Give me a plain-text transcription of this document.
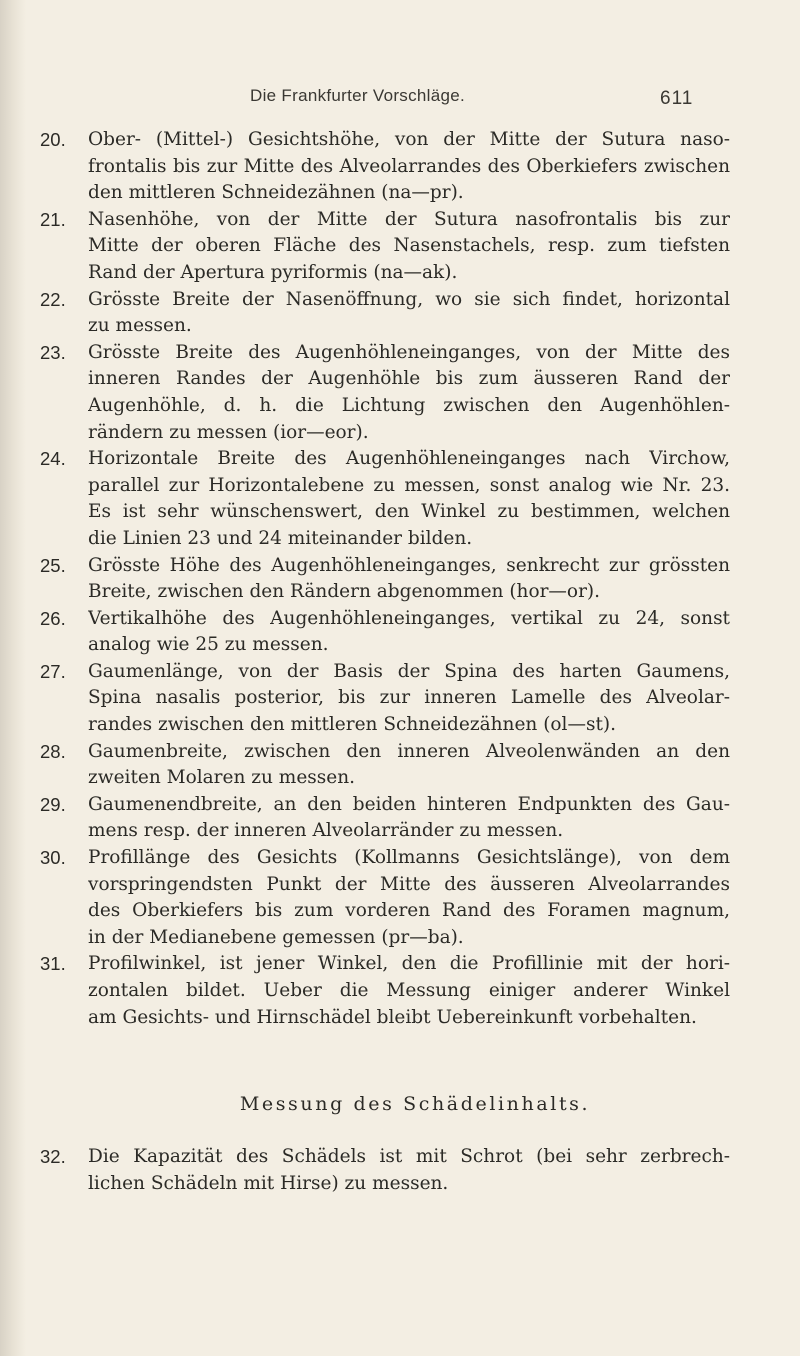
Die Frankfurter Vorschläge.	611
20.	Ober- (Mittel-) Gesichtshöhe, von der Mitte der Sutura naso-
frontalis bis zur Mitte des Alveolarrandes des Oberkiefers zwischen
den mittleren Schneidezähnen (na—pr).
21.	Nasenhöhe, von der Mitte der Sutura nasofrontalis bis zur
Mitte der oberen Fläche des Nasenstachels, resp. zum tiefsten
Rand der Apertura pyriformis (na—ak).
22.	Grösste Breite der Nasenöffnung, wo sie sich findet, horizontal
zu messen.
23.	Grösste Breite des Augenhöhleneinganges, von der Mitte des
inneren Randes der Augenhöhle bis zum äusseren Rand der
Augenhöhle, d. h. die Lichtung zwischen den Augenhöhlen-
rändern zu messen (ior—eor).
24.	Horizontale Breite des Augenhöhleneinganges nach Virchow,
parallel zur Horizontalebene zu messen, sonst analog wie Nr. 23.
Es ist sehr wünschenswert, den Winkel zu bestimmen, welchen
die Linien 23 und 24 miteinander bilden.
25.	Grösste Höhe des Augenhöhleneinganges, senkrecht zur grössten
Breite, zwischen den Rändern abgenommen (hor—or).
26.	Vertikalhöhe des Augenhöhleneinganges, vertikal zu 24, sonst
analog wie 25 zu messen.
27.	Gaumenlänge, von der Basis der Spina des harten Gaumens,
Spina nasalis posterior, bis zur inneren Lamelle des Alveolar-
randes zwischen den mittleren Schneidezähnen (ol—st).
28.	Gaumenbreite, zwischen den inneren Alveolenwänden an den
zweiten Molaren zu messen.
29.	Gaumenendbreite, an den beiden hinteren Endpunkten des Gau-
mens resp. der inneren Alveolarränder zu messen.
30.	Profillänge des Gesichts (Kollmanns Gesichtslänge), von dem
vorspringendsten Punkt der Mitte des äusseren Alveolarrandes
des Oberkiefers bis zum vorderen Rand des Foramen magnum,
in der Medianebene gemessen (pr—ba).
31.	Profilwinkel, ist jener Winkel, den die Profillinie mit der hori-
zontalen bildet. Ueber die Messung einiger anderer Winkel
am Gesichts- und Hirnschädel bleibt Uebereinkunft vorbehalten.
Messung des Schädelinhalts.
32.	Die Kapazität des Schädels ist mit Schrot (bei sehr zerbrech-
lichen Schädeln mit Hirse) zu messen.
